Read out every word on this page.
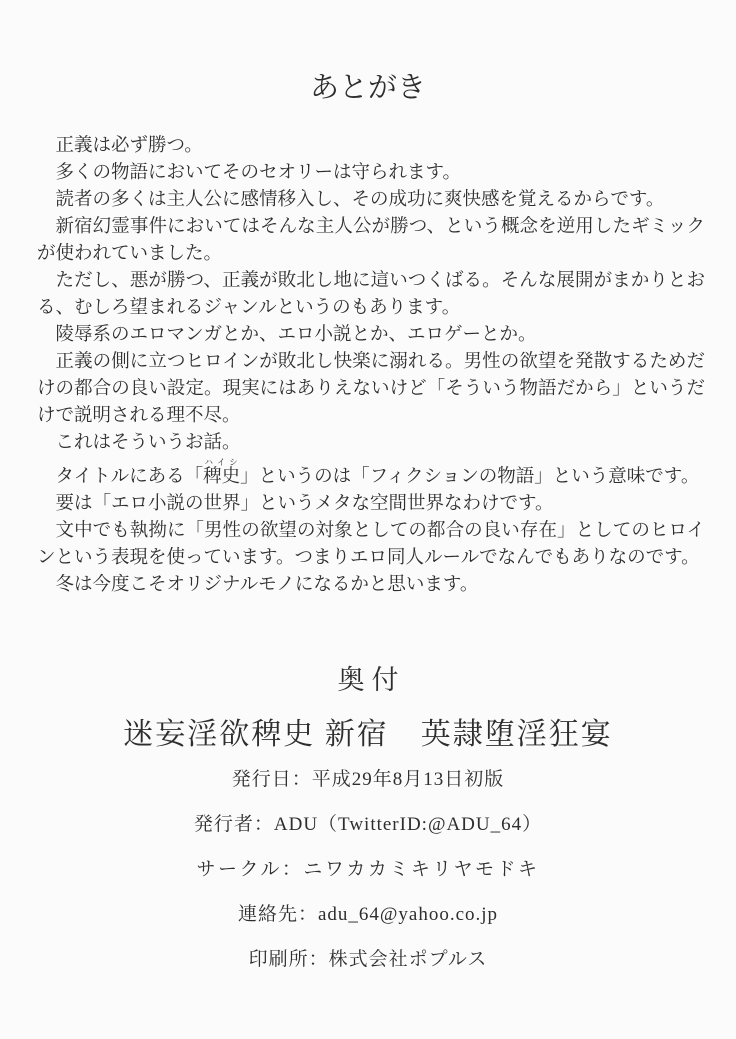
あとがき

正義は必ず勝つ。

多くの物語においてそのセオリーは守られます。

読者の多くは主人公に感情移入し、その成功に爽快感を覚えるからです。

新宿幻霊事件においてはそんな主人公が勝つ、という概念を逆用したギミックが使われていました。

ただし、悪が勝つ、正義が敗北し地に這いつくばる。そんな展開がまかりとおる、むしろ望まれるジャンルというのもあります。

陵辱系のエロマンガとか、エロ小説とか、エロゲーとか。

正義の側に立つヒロインが敗北し快楽に溺れる。男性の欲望を発散するためだけの都合の良い設定。現実にはありえないけど「そういう物語だから」というだけで説明される理不尽。

これはそういうお話。

タイトルにある「稗史ハイシ」というのは「フィクションの物語」という意味です。

要は「エロ小説の世界」というメタな空間世界なわけです。

文中でも執拗に「男性の欲望の対象としての都合の良い存在」としてのヒロインという表現を使っています。つまりエロ同人ルールでなんでもありなのです。

冬は今度こそオリジナルモノになるかと思います。

奥付
迷妄淫欲稗史 新宿　英隷堕淫狂宴
発行日：平成29年8月13日初版
発行者：ADU（TwitterID:@ADU_64）
サークル：ニワカカミキリヤモドキ
連絡先：adu_64@yahoo.co.jp
印刷所：株式会社ポプルス
